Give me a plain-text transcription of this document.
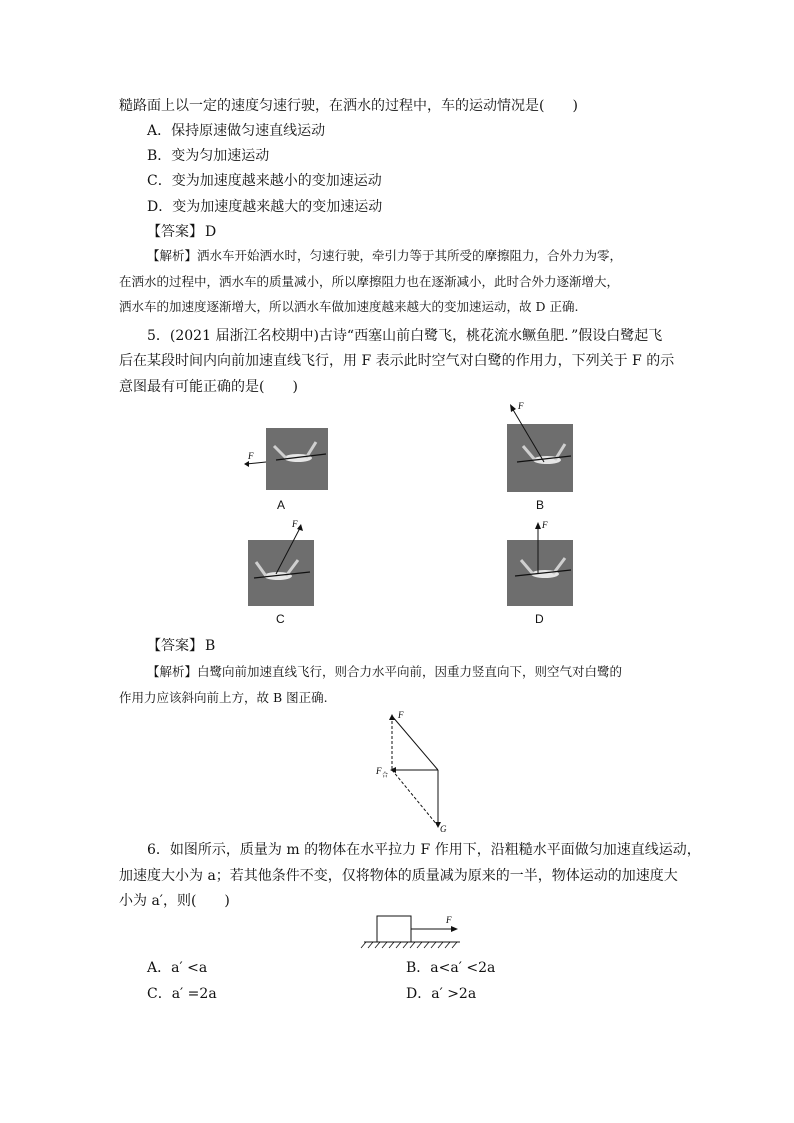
糙路面上以一定的速度匀速行驶，在洒水的过程中，车的运动情况是(　　)
A．保持原速做匀速直线运动
B．变为匀加速运动
C．变为加速度越来越小的变加速运动
D．变为加速度越来越大的变加速运动
【答案】 D
【解析】洒水车开始洒水时，匀速行驶，牵引力等于其所受的摩擦阻力，合外力为零，
在洒水的过程中，洒水车的质量减小，所以摩擦阻力也在逐渐减小，此时合外力逐渐增大，
洒水车的加速度逐渐增大，所以洒水车做加速度越来越大的变加速运动，故 D 正确.
5．(2021 届浙江名校期中)古诗“西塞山前白鹭飞，桃花流水鳜鱼肥．”假设白鹭起飞
后在某段时间内向前加速直线飞行，用 F 表示此时空气对白鹭的作用力，下列关于 F 的示
意图最有可能正确的是(　　)
F
A
F
B
F
C
F
D
【答案】 B
【解析】白鹭向前加速直线飞行，则合力水平向前，因重力竖直向下，则空气对白鹭的
作用力应该斜向前上方，故 B 图正确.
F
F 合
G
6．如图所示，质量为 m 的物体在水平拉力 F 作用下，沿粗糙水平面做匀加速直线运动，
加速度大小为 a；若其他条件不变，仅将物体的质量减为原来的一半，物体运动的加速度大
小为 a′，则(　　)
F
A．a′ <a	B．a<a′ <2a
C．a′ =2a	D．a′ >2a
